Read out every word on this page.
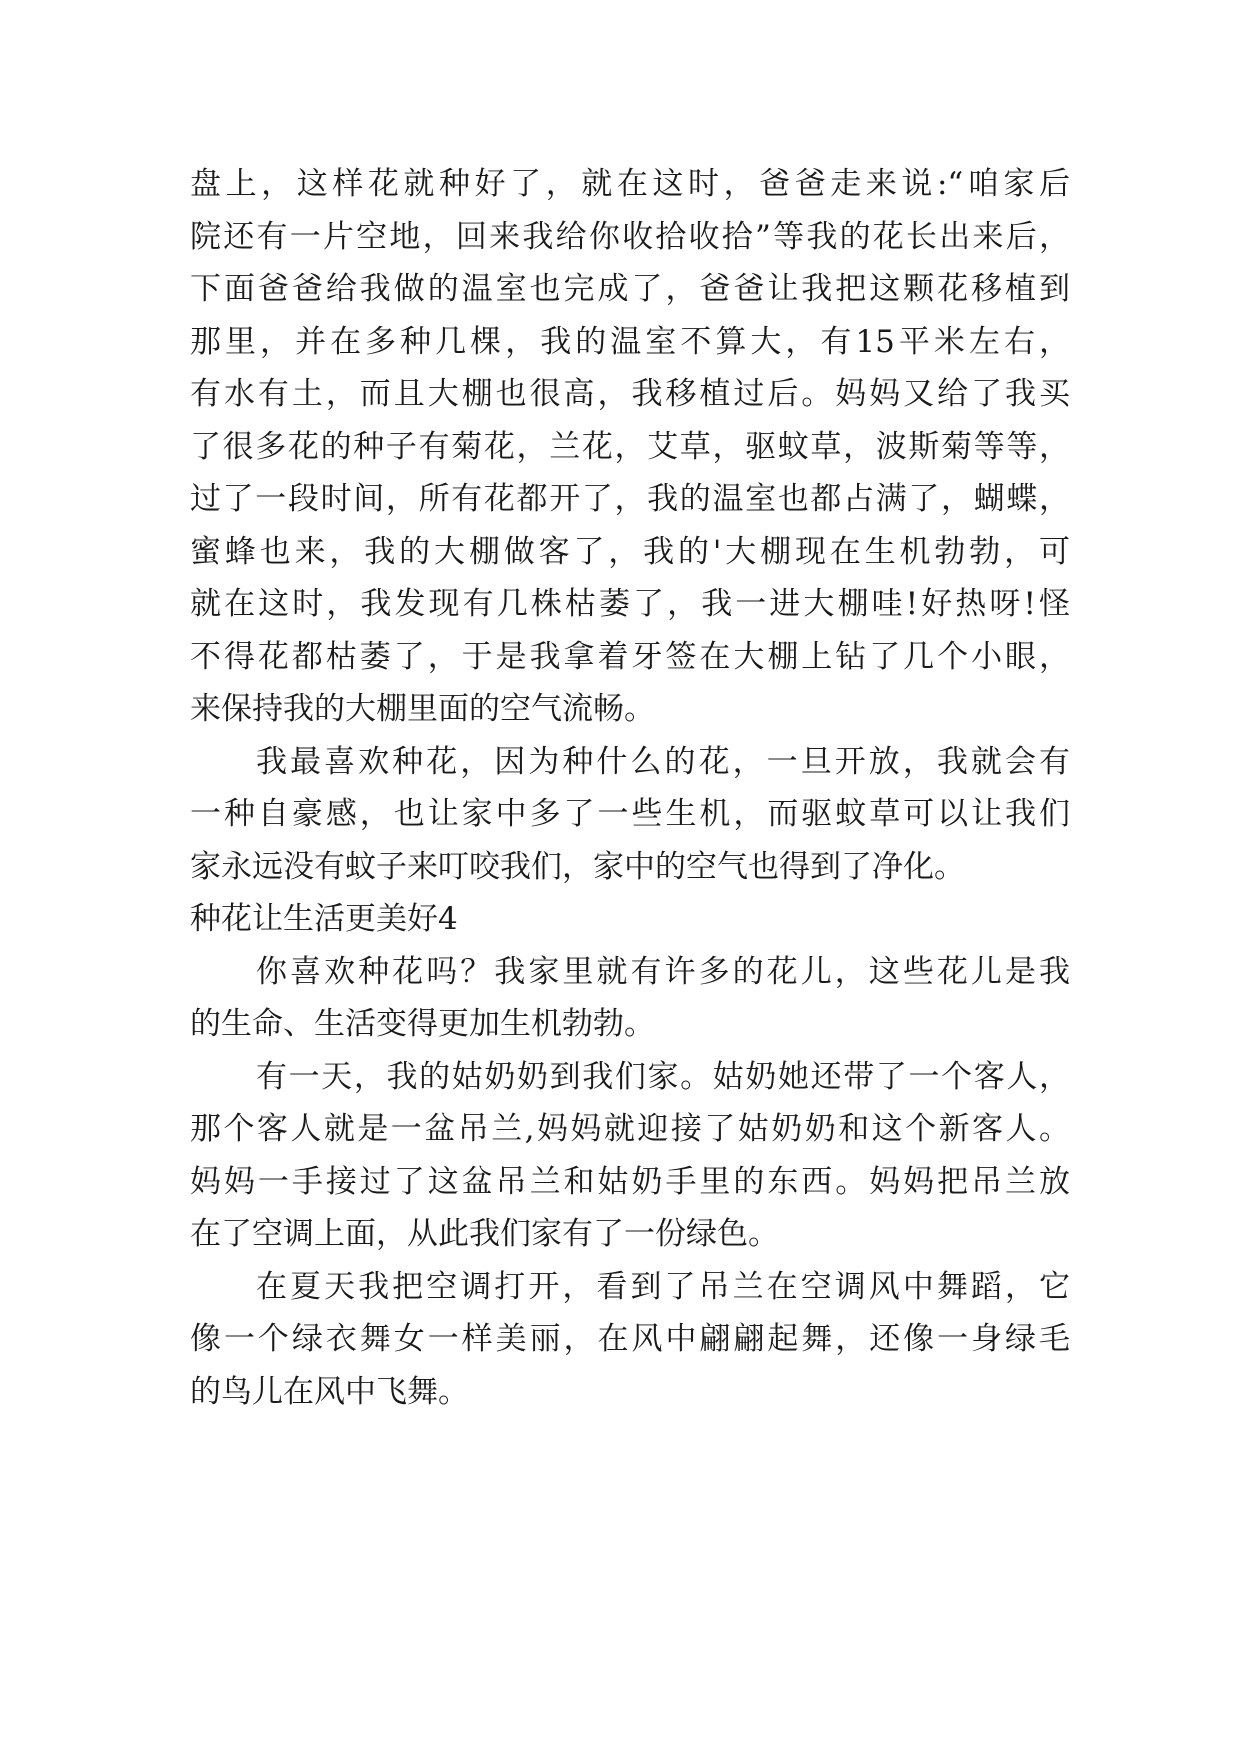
盘上，这样花就种好了，就在这时，爸爸走来说:“咱家后
院还有一片空地，回来我给你收拾收拾”等我的花长出来后，
下面爸爸给我做的温室也完成了，爸爸让我把这颗花移植到
那里，并在多种几棵，我的温室不算大，有15平米左右，
有水有土，而且大棚也很高，我移植过后。妈妈又给了我买
了很多花的种子有菊花，兰花，艾草，驱蚊草，波斯菊等等，
过了一段时间，所有花都开了，我的温室也都占满了，蝴蝶，
蜜蜂也来，我的大棚做客了，我的'大棚现在生机勃勃，可
就在这时，我发现有几株枯萎了，我一进大棚哇!好热呀!怪
不得花都枯萎了，于是我拿着牙签在大棚上钻了几个小眼，
来保持我的大棚里面的空气流畅。
我最喜欢种花，因为种什么的花，一旦开放，我就会有
一种自豪感，也让家中多了一些生机，而驱蚊草可以让我们
家永远没有蚊子来叮咬我们，家中的空气也得到了净化。
种花让生活更美好4
你喜欢种花吗？我家里就有许多的花儿，这些花儿是我
的生命、生活变得更加生机勃勃。
有一天，我的姑奶奶到我们家。姑奶她还带了一个客人，
那个客人就是一盆吊兰,妈妈就迎接了姑奶奶和这个新客人。
妈妈一手接过了这盆吊兰和姑奶手里的东西。妈妈把吊兰放
在了空调上面，从此我们家有了一份绿色。
在夏天我把空调打开，看到了吊兰在空调风中舞蹈，它
像一个绿衣舞女一样美丽，在风中翩翩起舞，还像一身绿毛
的鸟儿在风中飞舞。
